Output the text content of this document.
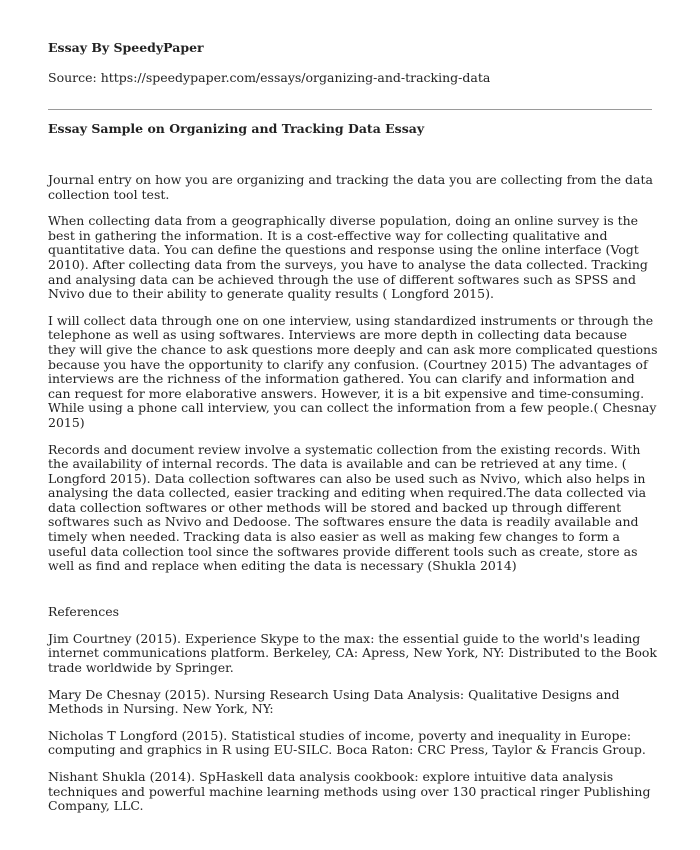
Essay By SpeedyPaper

Source: https://speedypaper.com/essays/organizing-and-tracking-data

Essay Sample on Organizing and Tracking Data Essay

Journal entry on how you are organizing and tracking the data you are collecting from the data collection tool test.

When collecting data from a geographically diverse population, doing an online survey is the best in gathering the information. It is a cost-effective way for collecting qualitative and quantitative data. You can define the questions and response using the online interface (Vogt 2010). After collecting data from the surveys, you have to analyse the data collected. Tracking and analysing data can be achieved through the use of different softwares such as SPSS and Nvivo due to their ability to generate quality results ( Longford 2015).

I will collect data through one on one interview, using standardized instruments or through the telephone as well as using softwares. Interviews are more depth in collecting data because they will give the chance to ask questions more deeply and can ask more complicated questions because you have the opportunity to clarify any confusion. (Courtney 2015) The advantages of interviews are the richness of the information gathered. You can clarify and information and can request for more elaborative answers. However, it is a bit expensive and time-consuming. While using a phone call interview, you can collect the information from a few people.( Chesnay 2015)

Records and document review involve a systematic collection from the existing records. With the availability of internal records. The data is available and can be retrieved at any time. ( Longford 2015). Data collection softwares can also be used such as Nvivo, which also helps in analysing the data collected, easier tracking and editing when required.The data collected via data collection softwares or other methods will be stored and backed up through different softwares such as Nvivo and Dedoose. The softwares ensure the data is readily available and timely when needed. Tracking data is also easier as well as making few changes to form a useful data collection tool since the softwares provide different tools such as create, store as well as find and replace when editing the data is necessary (Shukla 2014)

References

Jim Courtney (2015). Experience Skype to the max: the essential guide to the world's leading internet communications platform. Berkeley, CA: Apress, New York, NY: Distributed to the Book trade worldwide by Springer.

Mary De Chesnay (2015). Nursing Research Using Data Analysis: Qualitative Designs and Methods in Nursing. New York, NY:

Nicholas T Longford (2015). Statistical studies of income, poverty and inequality in Europe: computing and graphics in R using EU-SILC. Boca Raton: CRC Press, Taylor & Francis Group.

Nishant Shukla (2014). SpHaskell data analysis cookbook: explore intuitive data analysis techniques and powerful machine learning methods using over 130 practical ringer Publishing Company, LLC.
